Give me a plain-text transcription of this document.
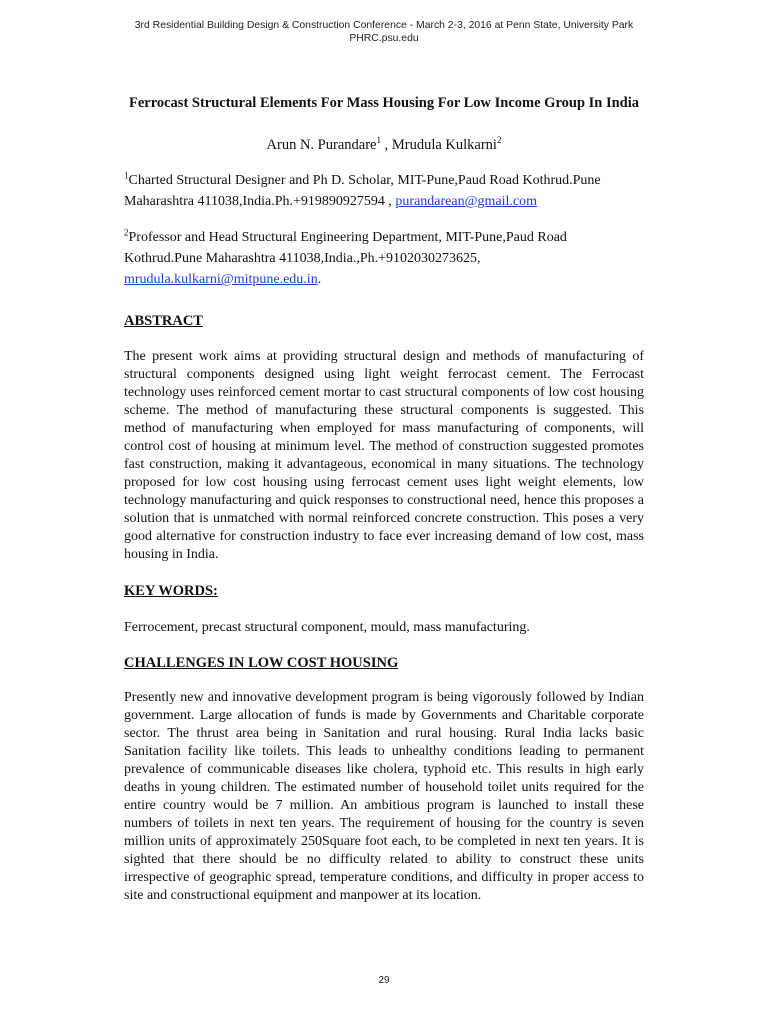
3rd Residential Building Design & Construction Conference - March 2-3, 2016 at Penn State, University Park
PHRC.psu.edu
Ferrocast Structural Elements For Mass Housing For Low Income Group In India
Arun N. Purandare$^1$ , Mrudula Kulkarni$^2$
$^1$Charted Structural Designer and Ph D. Scholar, MIT-Pune,Paud Road Kothrud.Pune Maharashtra 411038,India.Ph.+919890927594 , purandarean@gmail.com
$^2$Professor and Head Structural Engineering Department, MIT-Pune,Paud Road Kothrud.Pune Maharashtra 411038,India.,Ph.+9102030273625, mrudula.kulkarni@mitpune.edu.in.
ABSTRACT
The present work aims at providing structural design and methods of manufacturing of structural components designed using light weight ferrocast cement. The Ferrocast technology uses reinforced cement mortar to cast structural components of low cost housing scheme. The method of manufacturing these structural components is suggested. This method of manufacturing when employed for mass manufacturing of components, will control cost of housing at minimum level. The method of construction suggested promotes fast construction, making it advantageous, economical in many situations. The technology proposed for low cost housing using ferrocast cement uses light weight elements, low technology manufacturing and quick responses to constructional need, hence this proposes a solution that is unmatched with normal reinforced concrete construction. This poses a very good alternative for construction industry to face ever increasing demand of low cost, mass housing in India.
KEY WORDS:
Ferrocement, precast structural component, mould, mass manufacturing.
CHALLENGES IN LOW COST HOUSING
Presently new and innovative development program is being vigorously followed by Indian government. Large allocation of funds is made by Governments and Charitable corporate sector. The thrust area being in Sanitation and rural housing. Rural India lacks basic Sanitation facility like toilets. This leads to unhealthy conditions leading to permanent prevalence of communicable diseases like cholera, typhoid etc. This results in high early deaths in young children. The estimated number of household toilet units required for the entire country would be 7 million. An ambitious program is launched to install these numbers of toilets in next ten years. The requirement of housing for the country is seven million units of approximately 250Square foot each, to be completed in next ten years. It is sighted that there should be no difficulty related to ability to construct these units irrespective of geographic spread, temperature conditions, and difficulty in proper access to site and constructional equipment and manpower at its location.
29
